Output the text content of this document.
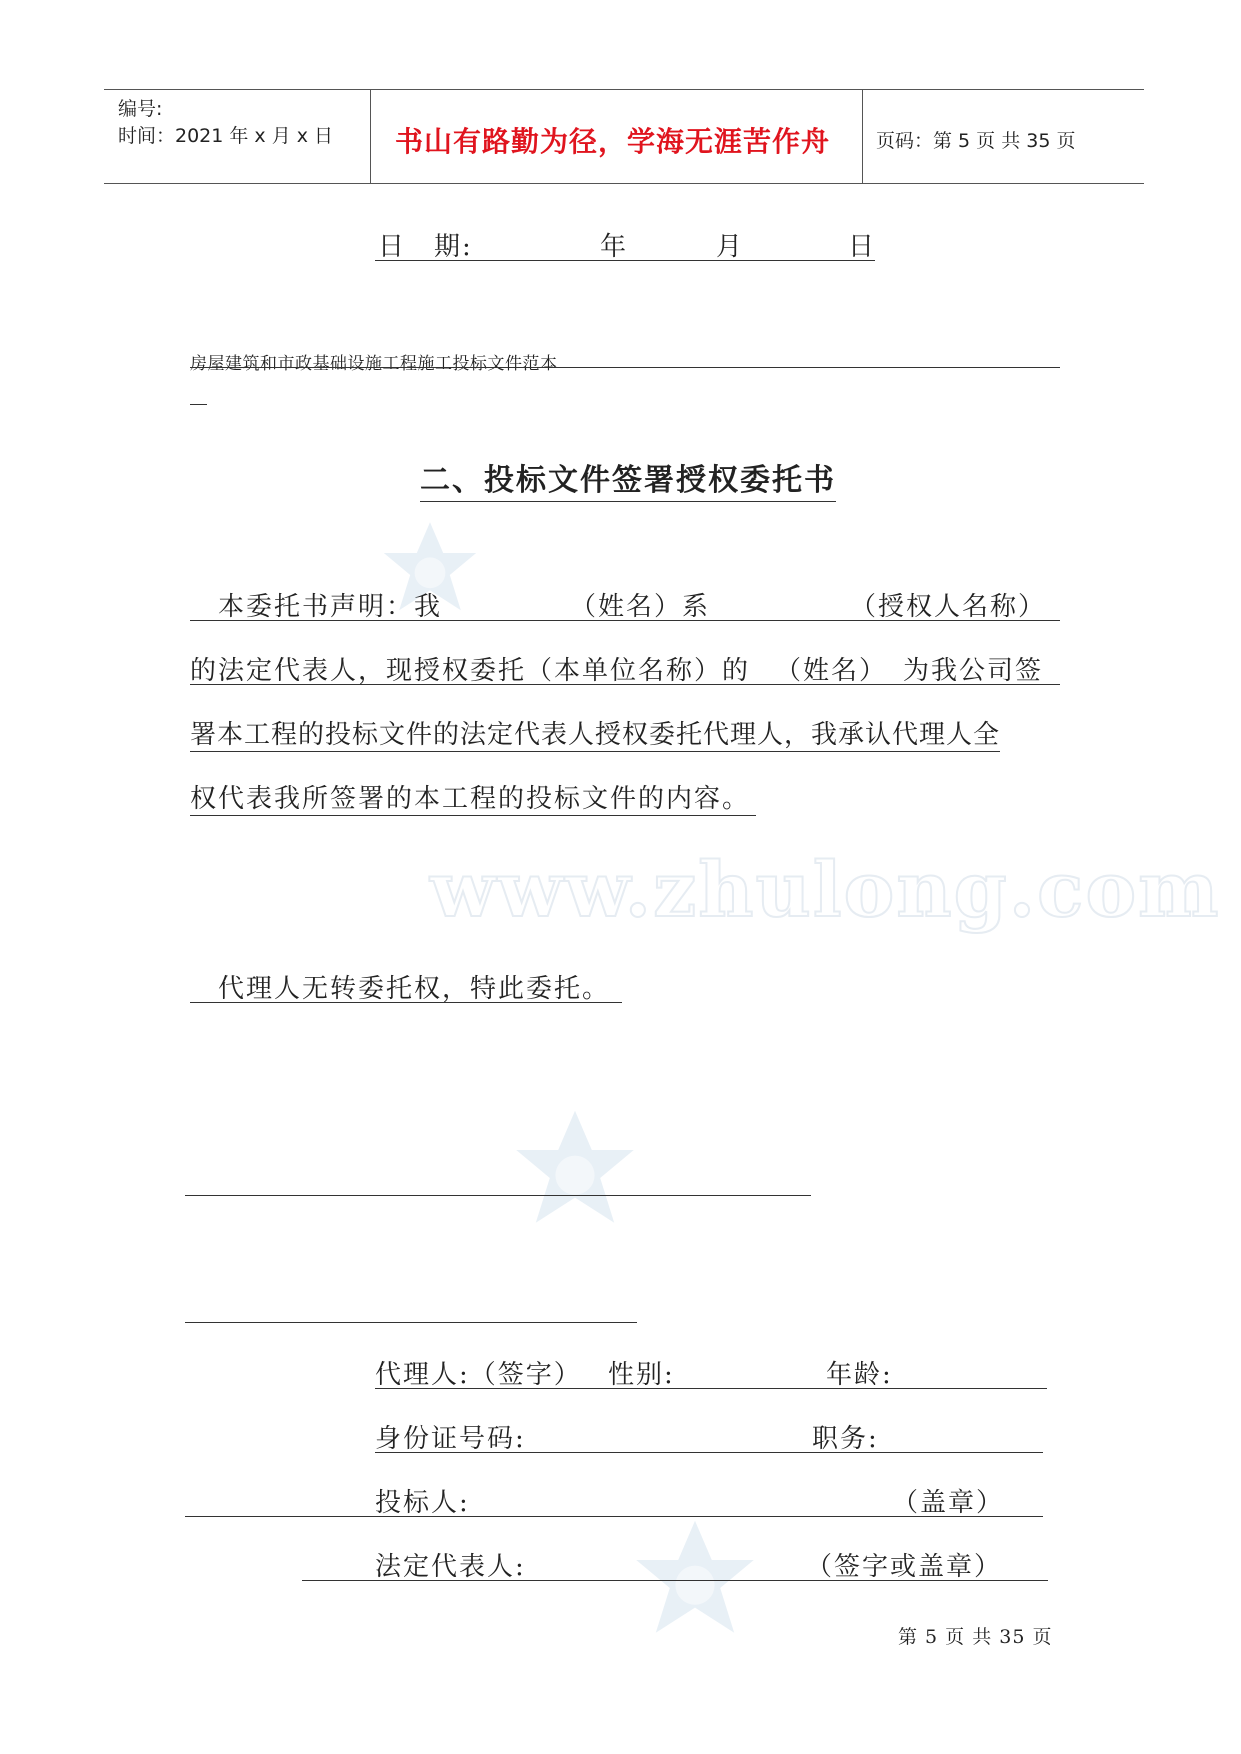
编号:
时间：2021 年 x 月 x 日 书山有路勤为径，学海无涯苦作舟 页码：第 5 页 共 35 页
日　期:	年	月	日
房屋建筑和市政基础设施工程施工投标文件范本
www.zhulong.com
二、投标文件签署授权委托书
本委托书声明：我	（姓名）系	（授权人名称）
的法定代表人，现授权委托（本单位名称）的 （姓名） 为我公司签
署本工程的投标文件的法定代表人授权委托代理人，我承认代理人全
权代表我所签署的本工程的投标文件的内容。
代理人无转委托权，特此委托。
代理人:（签字） 性别:	年龄:
身份证号码:	职务:
投标人:	（盖章）
法定代表人:	（签字或盖章）
第 5 页 共 35 页
